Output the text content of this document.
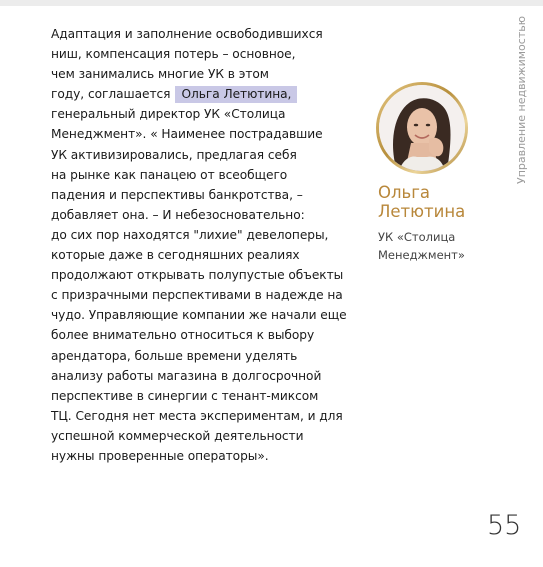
Адаптация и заполнение освободившихся
ниш, компенсация потерь – основное,
чем занимались многие УК в этом
годy, соглашается Ольга Летютина,
генеральный директор УК «Столица
Менеджмент». « Наименее пострадавшие
УК активизировались, предлагая себя
на рынке как панацею от всеобщего
падения и перспективы банкротства, –
добавляет она. – И небезосновательно:
до сих пор находятся "лихие" девелоперы,
которые даже в сегодняшних реалиях
продолжают открывать полупустые объекты
с призрачными перспективами в надежде на
чудо. Управляющие компании же начали еще
более внимательно относиться к выбору
арендатора, больше времени уделять
анализу работы магазина в долгосрочной
перспективе в синергии с тенант-миксом
ТЦ. Сегодня нет места экспериментам, и для
успешной коммерческой деятельности
нужны проверенные операторы».
Ольга
Летютина
УК «Столица
Менеджмент»
Управление недвижимостью
55
